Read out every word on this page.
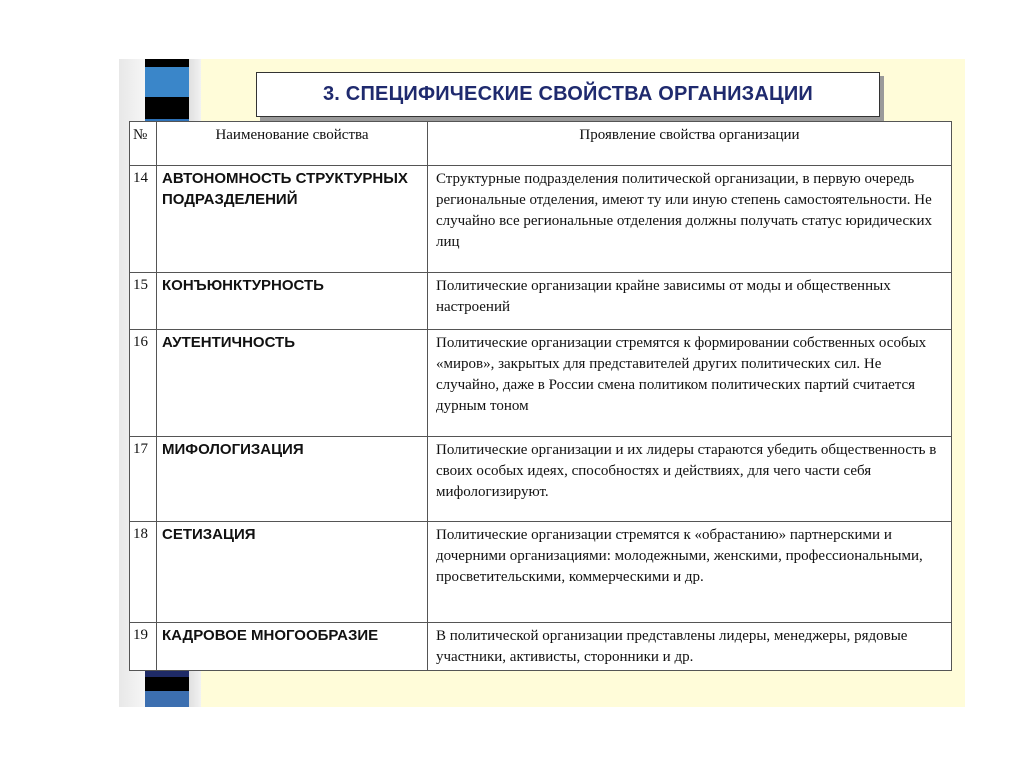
3. СПЕЦИФИЧЕСКИЕ СВОЙСТВА ОРГАНИЗАЦИИ
№	Наименование свойства	Проявление свойства организации
14	АВТОНОМНОСТЬ СТРУКТУРНЫХ ПОДРАЗДЕЛЕНИЙ	Структурные подразделения политической организации, в первую очередь региональные отделения, имеют ту или иную степень самостоятельности. Не случайно все региональные отделения должны получать статус юридических лиц
15	КОНЪЮНКТУРНОСТЬ	Политические организации крайне зависимы от моды и общественных настроений
16	АУТЕНТИЧНОСТЬ	Политические организации стремятся к формировании собственных особых «миров», закрытых для представителей других политических сил. Не случайно, даже в России смена политиком политических партий считается дурным тоном
17	МИФОЛОГИЗАЦИЯ	Политические организации и их лидеры стараются убедить общественность в своих особых идеях, способностях и действиях, для чего части себя мифологизируют.
18	СЕТИЗАЦИЯ	Политические организации стремятся к «обрастанию» партнерскими и дочерними организациями: молодежными, женскими, профессиональными, просветительскими, коммерческими и др.
19	КАДРОВОЕ МНОГООБРАЗИЕ	В политической организации представлены лидеры, менеджеры, рядовые участники, активисты, сторонники и др.
